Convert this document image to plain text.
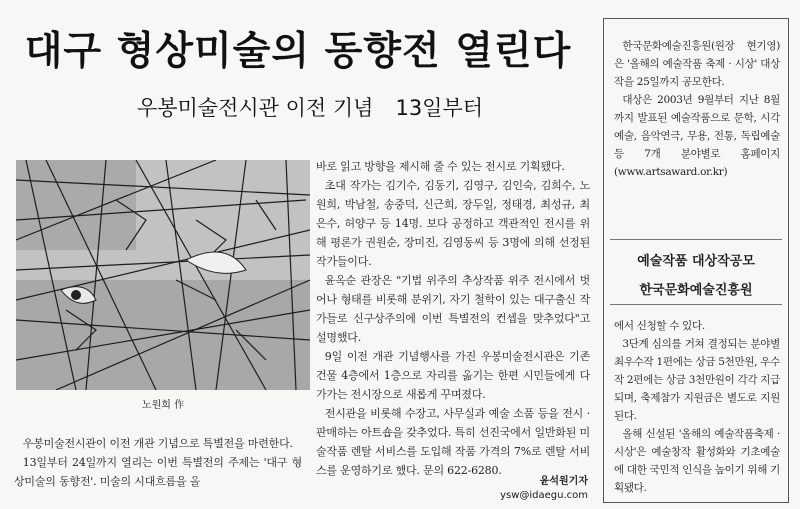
대구 형상미술의 동향전 열린다
우봉미술전시관 이전 기념 13일부터
노원희 作

우봉미술전시관이 이전 개관 기념으로 특별전을 마련한다.

13일부터 24일까지 열리는 이번 특별전의 주제는 '대구 형상미술의 동향전'. 미술의 시대흐름을 올

바로 읽고 방향을 제시해 줄 수 있는 전시로 기획됐다.

초대 작가는 김기수, 김동기, 김영구, 김인숙, 김희수, 노원희, 박남철, 송중덕, 신근희, 장두일, 정태경, 최성규, 최은수, 허양구 등 14명. 보다 공정하고 객관적인 전시를 위해 평론가 권원순, 장미진, 김영동씨 등 3명에 의해 선정된 작가들이다.

윤옥순 관장은 "기법 위주의 추상작품 위주 전시에서 벗어나 형태를 비롯해 분위기, 자기 철학이 있는 대구출신 작가들로 신구상주의에 이번 특별전의 컨셉을 맞추었다"고 설명했다.

9일 이전 개관 기념행사를 가진 우봉미술전시관은 기존 건물 4층에서 1층으로 자리를 옮기는 한편 시민들에게 다가가는 전시장으로 새롭게 꾸며졌다.

전시관을 비롯해 수장고, 사무실과 예술 소품 등을 전시 · 판매하는 아트숍을 갖추었다. 특히 선진국에서 일반화된 미술작품 렌탈 서비스를 도입해 작품 가격의 7%로 렌탈 서비스를 운영하기로 했다. 문의 622-6280.

윤석원기자
ysw@idaegu.com

한국문화예술진흥원(원장 현기영)은 '올해의 예술작품 축제 · 시상' 대상작을 25일까지 공모한다.

대상은 2003년 9월부터 지난 8월까지 발표된 예술작품으로 문학, 시각예술, 음악연극, 무용, 전통, 독립예술 등 7개 분야별로 홈페이지 (www.artsaward.or.kr)

예술작품 대상작공모
한국문화예술진흥원

에서 신청할 수 있다.

3단계 심의를 거쳐 결정되는 분야별 최우수작 1편에는 상금 5천만원, 우수작 2편에는 상금 3천만원이 각각 지급되며, 축제참가 지원금은 별도로 지원된다.

올해 신설된 '올해의 예술작품축제 · 시상'은 예술창작 활성화와 기초예술에 대한 국민적 인식을 높이기 위해 기획됐다.
